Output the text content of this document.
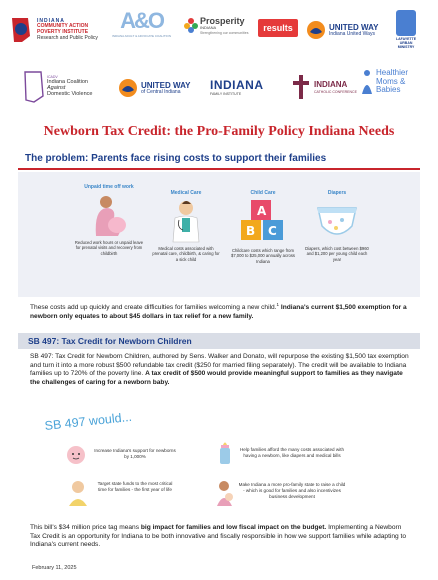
INDIANA
COMMUNITY ACTION
POVERTY INSTITUTE
Research and Public Policy
A&O
INDIANA ADULT & ADVOCATE COALITION
Prosperity
INDIANA
Strengthening our communities results	UNITED WAY
Indiana United Ways
LAFAYETTE
URBAN
MINISTRY
ICADV
Indiana Coalition
Against
Domestic Violence
UNITED WAY
of Central Indiana	INDIANA
FAMILY INSTITUTE
INDIANA
CATHOLIC CONFERENCE
Healthier
Moms &
Babies
Newborn Tax Credit: the Pro-Family Policy Indiana Needs
The problem: Parents face rising costs to support their families
Unpaid time off work
Reduced work hours or unpaid leave for prenatal visits and recovery from childbirth
Medical Care
Medical costs associated with prenatal care, childbirth, & caring for a sick child
Child Care
A
B C
Childcare costs which range from $7,000 to $25,000 annually across Indiana
Diapers
Diapers, which cost between $960 and $1,200 per young child each year
These costs add up quickly and create difficulties for families welcoming a new child.$^1$ Indiana's current $1,500 exemption for a newborn only equates to about $45 dollars in tax relief for a new family.
SB 497: Tax Credit for Newborn Children
SB 497: Tax Credit for Newborn Children, authored by Sens. Walker and Donato, will repurpose the existing $1,500 tax exemption and turn it into a more robust $500 refundable tax credit ($250 for married filing separately). The credit will be available to Indiana families up to 720% of the poverty line. A tax credit of $500 would provide meaningful support to families as they navigate the challenges of caring for a newborn baby.
SB 497 would...
Increase Indiana's support for newborns by 1,000%
Help families afford the many costs associated with having a newborn, like diapers and medical bills
Target state funds to the most critical time for families - the first year of life
Make Indiana a more pro-family state to raise a child - which is good for families and also incentivizes business development
This bill's $34 million price tag means big impact for families and low fiscal impact on the budget. Implementing a Newborn Tax Credit is an opportunity for Indiana to be both innovative and fiscally responsible in how we support families while adapting to Indiana's current needs.
February 11, 2025
